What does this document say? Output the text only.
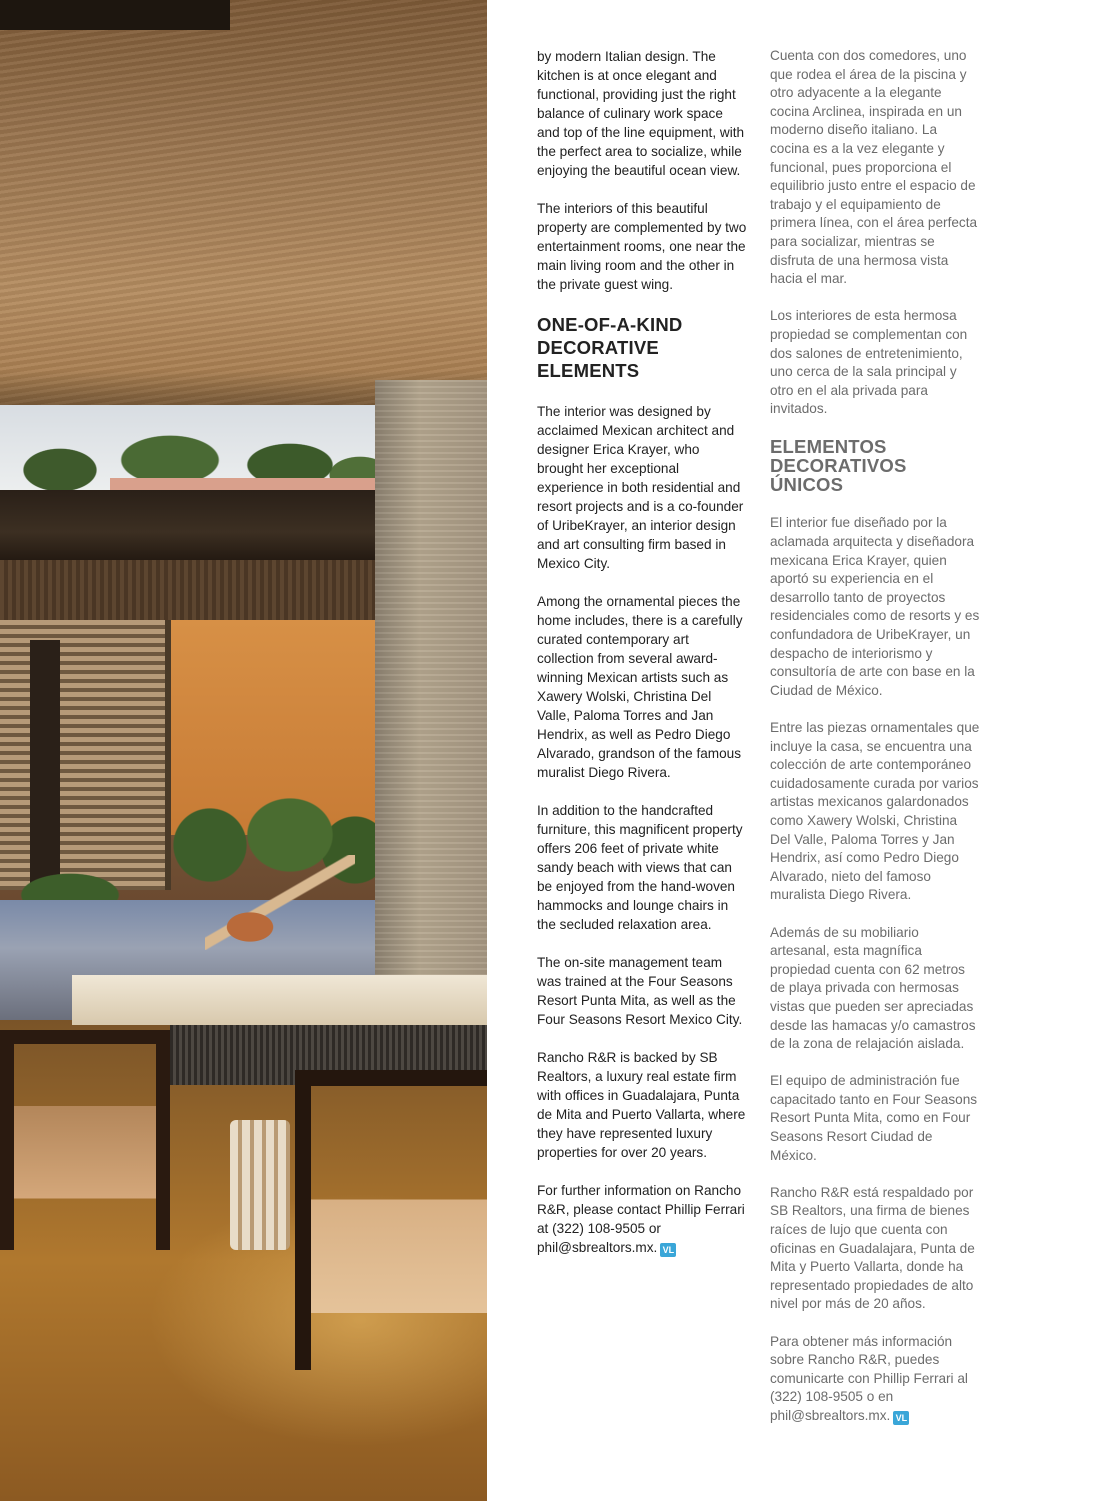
by modern Italian design. The kitchen is at once elegant and functional, providing just the right balance of culinary work space and top of the line equipment, with the perfect area to socialize, while enjoying the beautiful ocean view.

The interiors of this beautiful property are complemented by two entertainment rooms, one near the main living room and the other in the private guest wing.

ONE-OF-A-KIND DECORATIVE ELEMENTS

The interior was designed by acclaimed Mexican architect and designer Erica Krayer, who brought her exceptional experience in both residential and resort projects and is a co-founder of UribeKrayer, an interior design and art consulting firm based in Mexico City.

Among the ornamental pieces the home includes, there is a carefully curated contemporary art collection from several award-winning Mexican artists such as Xawery Wolski, Christina Del Valle, Paloma Torres and Jan Hendrix, as well as Pedro Diego Alvarado, grandson of the famous muralist Diego Rivera.

In addition to the handcrafted furniture, this magnificent property offers 206 feet of private white sandy beach with views that can be enjoyed from the hand-woven hammocks and lounge chairs in the secluded relaxation area.

The on-site management team was trained at the Four Seasons Resort Punta Mita, as well as the Four Seasons Resort Mexico City.

Rancho R&R is backed by SB Realtors, a luxury real estate firm with offices in Guadalajara, Punta de Mita and Puerto Vallarta, where they have represented luxury properties for over 20 years.

For further information on Rancho R&R, please contact Phillip Ferrari at (322) 108-9505 or phil@sbrealtors.mx. VL

Cuenta con dos comedores, uno que rodea el área de la piscina y otro adyacente a la elegante cocina Arclinea, inspirada en un moderno diseño italiano. La cocina es a la vez elegante y funcional, pues proporciona el equilibrio justo entre el espacio de trabajo y el equipamiento de primera línea, con el área perfecta para socializar, mientras se disfruta de una hermosa vista hacia el mar.

Los interiores de esta hermosa propiedad se complementan con dos salones de entretenimiento, uno cerca de la sala principal y otro en el ala privada para invitados.

ELEMENTOS DECORATIVOS ÚNICOS

El interior fue diseñado por la aclamada arquitecta y diseñadora mexicana Erica Krayer, quien aportó su experiencia en el desarrollo tanto de proyectos residenciales como de resorts y es confundadora de UribeKrayer, un despacho de interiorismo y consultoría de arte con base en la Ciudad de México.

Entre las piezas ornamentales que incluye la casa, se encuentra una colección de arte contemporáneo cuidadosamente curada por varios artistas mexicanos galardonados como Xawery Wolski, Christina Del Valle, Paloma Torres y Jan Hendrix, así como Pedro Diego Alvarado, nieto del famoso muralista Diego Rivera.

Además de su mobiliario artesanal, esta magnífica propiedad cuenta con 62 metros de playa privada con hermosas vistas que pueden ser apreciadas desde las hamacas y/o camastros de la zona de relajación aislada.

El equipo de administración fue capacitado tanto en Four Seasons Resort Punta Mita, como en Four Seasons Resort Ciudad de México.

Rancho R&R está respaldado por SB Realtors, una firma de bienes raíces de lujo que cuenta con oficinas en Guadalajara, Punta de Mita y Puerto Vallarta, donde ha representado propiedades de alto nivel por más de 20 años.

Para obtener más información sobre Rancho R&R, puedes comunicarte con Phillip Ferrari al (322) 108-9505 o en phil@sbrealtors.mx. VL
